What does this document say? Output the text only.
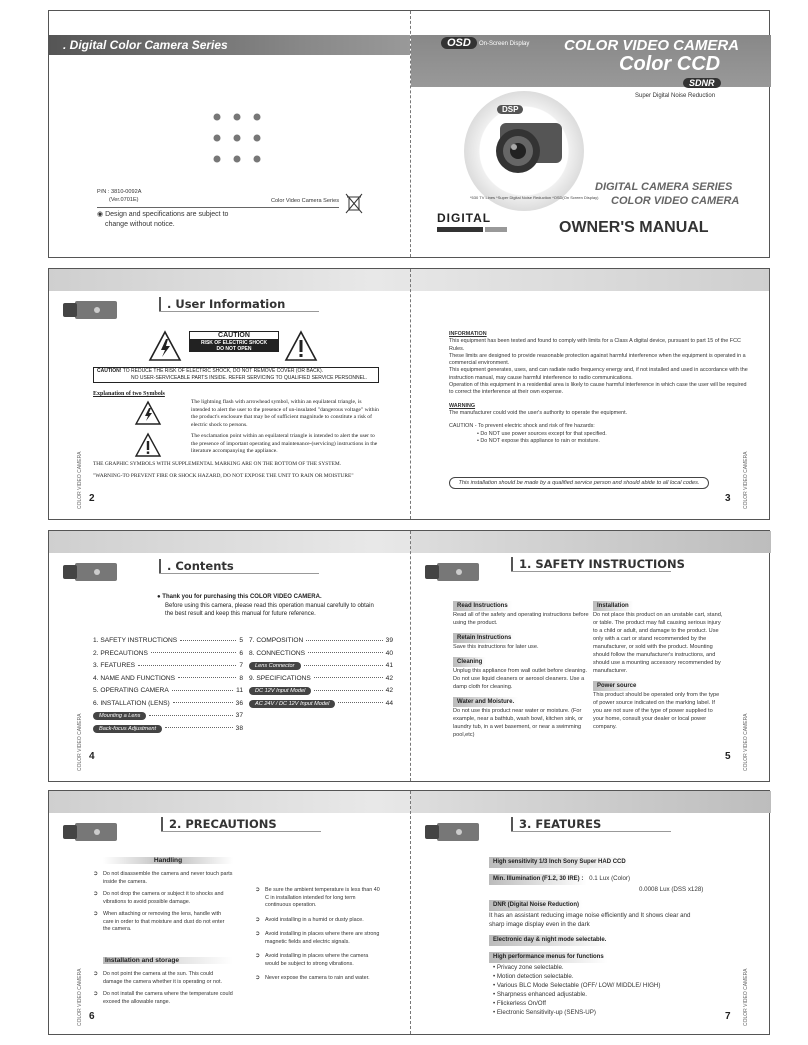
. Digital Color Camera Series
P/N : 3810-0092A
(Ver.0701E)	Color Video Camera Series
◉ Design and specifications are subject to
change without notice.
OSD	On-Screen Display COLOR VIDEO CAMERA
Color CCD
SDNR
Super Digital Noise Reduction
DSP
*530 TV Lines *Super Digital Noise Reduction *OSD(On Screen Display)
DIGITAL CAMERA SERIES
COLOR VIDEO CAMERA
DIGITAL
OWNER'S MANUAL
. User Information
CAUTION
RISK OF ELECTRIC SHOCK
DO NOT OPEN
CAUTION! TO REDUCE THE RISK OF ELECTRIC SHOCK, DO NOT REMOVE COVER (OR BACK).
NO USER-SERVICEABLE PARTS INSIDE. REFER SERVICING TO QUALIFIED SERVICE PERSONNEL.
Explanation of two Symbols
The lightning flash with arrowhead symbol, within an equilateral triangle, is intended to alert the user to the presence of un-insulated "dangerous voltage" within the product's enclosure that may be of sufficient magnitude to constitute a risk of electric shock to persons.
The exclamation point within an equilateral triangle is intended to alert the user to the presence of important operating and maintenance-(servicing) instructions in the literature accompanying the appliance.
THE GRAPHIC SYMBOLS WITH SUPPLEMENTAL MARKING ARE ON THE BOTTOM OF THE SYSTEM.
"WARNING-TO PREVENT FIRE OR SHOCK HAZARD, DO NOT EXPOSE THE UNIT TO RAIN OR MOISTURE"
COLOR VIDEO CAMERA 2
INFORMATION
This equipment has been tested and found to comply with limits for a Class A digital device, pursuant to part 15 of the FCC Rules.
These limits are designed to provide reasonable protection against harmful interference when the equipment is operated in a commercial environment.
This equipment generates, uses, and can radiate radio frequency energy and, if not installed and used in accordance with the instruction manual, may cause harmful interference to radio communications.
Operation of this equipment in a residential area is likely to cause harmful interference in which case the user will be required to correct the interference at their own expense.
WARNING
The manufacturer could void the user's authority to operate the equipment.
CAUTION - To prevent electric shock and risk of fire hazards:
• Do NOT use power sources except for that specified.
• Do NOT expose this appliance to rain or moisture.
This installation should be made by a qualified service person and should abide to all local codes.	COLOR VIDEO CAMERA
3
. Contents
● Thank you for purchasing this COLOR VIDEO CAMERA.
Before using this camera, please read this operation manual carefully to obtain
the best result and keep this manual for future reference.
1. SAFETY INSTRUCTIONS	5
2. PRECAUTIONS	6
3. FEATURES	7
4. NAME AND FUNCTIONS	8
5. OPERATING CAMERA	11
6. INSTALLATION (LENS)	36
Mounting a Lens	37
Back-focus Adjustment	38
7. COMPOSITION	39
8. CONNECTIONS	40
Lens Connector	41
9. SPECIFICATIONS	42
DC 12V Input Model	42
AC 24V / DC 12V Input Model	44
COLOR VIDEO CAMERA 4
1. SAFETY INSTRUCTIONS
Read Instructions
Read all of the safety and operating instructions before using the product.
Retain Instructions
Save this instructions for later use.
Cleaning
Unplug this appliance from wall outlet before cleaning. Do not use liquid cleaners or aerosol cleaners. Use a damp cloth for cleaning.
Water and Moisture.
Do not use this product near water or moisture. (For example, near a bathtub, wash bowl, kitchen sink, or laundry tub, in a wet basement, or near a swimming pool,etc)
Installation
Do not place this product on an unstable cart, stand, or table. The product may fall causing serious injury to a child or adult, and damage to the product. Use only with a cart or stand recommended by the manufacturer, or sold with the product. Mounting should follow the manufacturer's instructions, and should use a mounting accessory recommended by manufacturer.
Power source
This product should be operated only from the type of power source indicated on the marking label. If you are not sure of the type of power supplied to your home, consult your dealer or local power company.	COLOR VIDEO CAMERA
5
2. PRECAUTIONS
Handling
➲ Do not disassemble the camera and never touch parts inside the camera.
➲ Do not drop the camera or subject it to shocks and vibrations to avoid possible damage.
➲ When attaching or removing the lens, handle with care in order to that moisture and dust do not enter the camera.
Installation and storage
➲ Do not point the camera at the sun. This could damage the camera whether it is operating or not.
➲ Do not install the camera where the temperature could exceed the allowable range.
➲ Be sure the ambient temperature is less than 40 C in installation intended for long term continuous operation.
➲ Avoid installing in a humid or dusty place.
➲ Avoid installing in places where there are strong magnetic fields and electric signals.
➲ Avoid installing in places where the camera would be subject to strong vibrations.
➲ Never expose the camera to rain and water.
COLOR VIDEO CAMERA 6
3. FEATURES
High sensitivity 1/3 Inch Sony Super HAD CCD

Min. Illumination (F1.2, 30 IRE) : 0.1 Lux (Color)
0.0008 Lux (DSS x128)
DNR (Digital Noise Reduction)
It has an assistant reducing image noise efficiently and It shows clear and
sharp image display even in the dark
Electronic day & night mode selectable.
High performance menus for functions
• Privacy zone selectable.
• Motion detection selectable.
• Various BLC Mode Selectable (OFF/ LOW/ MIDDLE/ HIGH)
• Sharpness enhanced adjustable.
• Flickerless On/Off
• Electronic Sensitivity-up (SENS-UP)	COLOR VIDEO CAMERA
7
